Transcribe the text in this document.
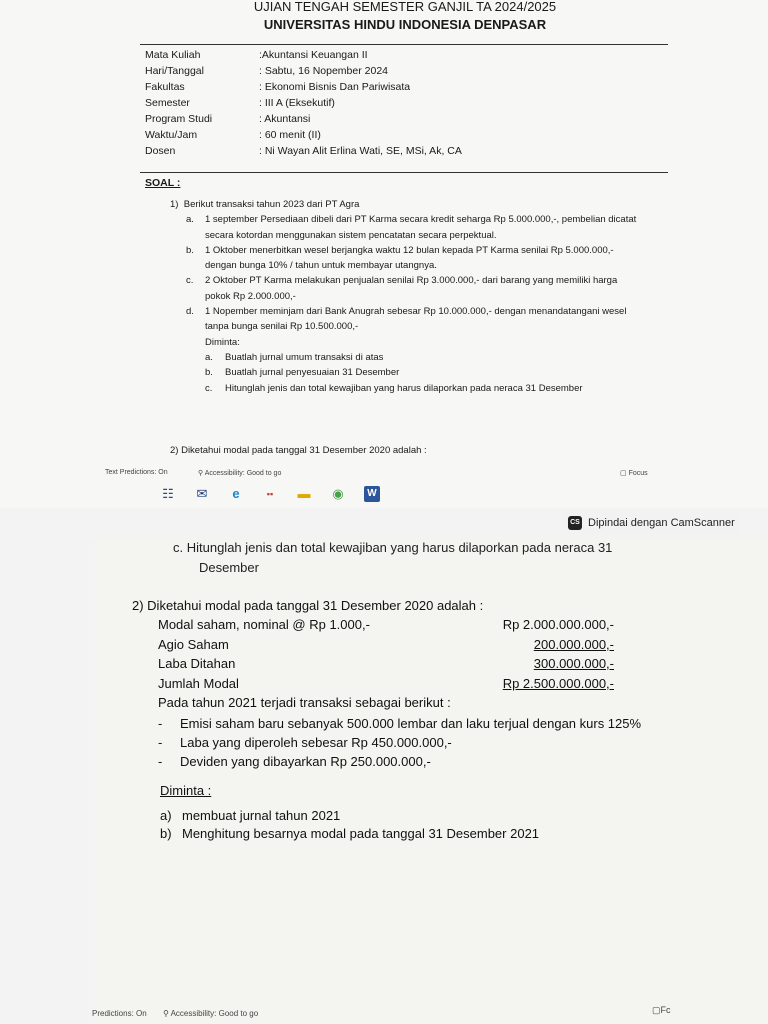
UJIAN TENGAH SEMESTER GANJIL TA 2024/2025
UNIVERSITAS HINDU INDONESIA DENPASAR
Mata Kuliah	:Akuntansi Keuangan II
Hari/Tanggal	: Sabtu, 16 Nopember 2024
Fakultas	: Ekonomi Bisnis Dan Pariwisata
Semester	: III A (Eksekutif)
Program Studi	: Akuntansi
Waktu/Jam	: 60 menit (II)
Dosen	: Ni Wayan Alit Erlina Wati, SE, MSi, Ak, CA
SOAL :
1) Berikut transaksi tahun 2023 dari PT Agra
a. 1 september Persediaan dibeli dari PT Karma secara kredit seharga Rp 5.000.000,-, pembelian dicatat secara kotordan menggunakan sistem pencatatan secara perpektual.
b. 1 Oktober menerbitkan wesel berjangka waktu 12 bulan kepada PT Karma senilai Rp 5.000.000,- dengan bunga 10% / tahun untuk membayar utangnya.
c. 2 Oktober PT Karma melakukan penjualan senilai Rp 3.000.000,- dari barang yang memiliki harga pokok Rp 2.000.000,-
d. 1 Nopember meminjam dari Bank Anugrah sebesar Rp 10.000.000,- dengan menandatangani wesel tanpa bunga senilai Rp 10.500.000,-
Diminta:
a. Buatlah jurnal umum transaksi di atas
b. Buatlah jurnal penyesuaian 31 Desember
c. Hitunglah jenis dan total kewajiban yang harus dilaporkan pada neraca 31 Desember
2) Diketahui modal pada tanggal 31 Desember 2020 adalah :
Text Predictions: On	⚲ Accessibility: Good to go	▢ Focus
☷ ✉	e	▪▪	▬ ◉	W
CS Dipindai dengan CamScanner
c. Hitunglah jenis dan total kewajiban yang harus dilaporkan pada neraca 31
Desember
2) Diketahui modal pada tanggal 31 Desember 2020 adalah :
Modal saham, nominal @ Rp 1.000,-	Rp 2.000.000.000,-
Agio Saham	200.000.000,-
Laba Ditahan	300.000.000,-
Jumlah Modal	Rp 2.500.000.000,-
Pada tahun 2021 terjadi transaksi sebagai berikut :
- Emisi saham baru sebanyak 500.000 lembar dan laku terjual dengan kurs 125%
- Laba yang diperoleh sebesar Rp 450.000.000,-
- Deviden yang dibayarkan Rp 250.000.000,-
Diminta :
a) membuat jurnal tahun 2021
b) Menghitung besarnya modal pada tanggal 31 Desember 2021
Predictions: On ⚲ Accessibility: Good to go	▢Fc
